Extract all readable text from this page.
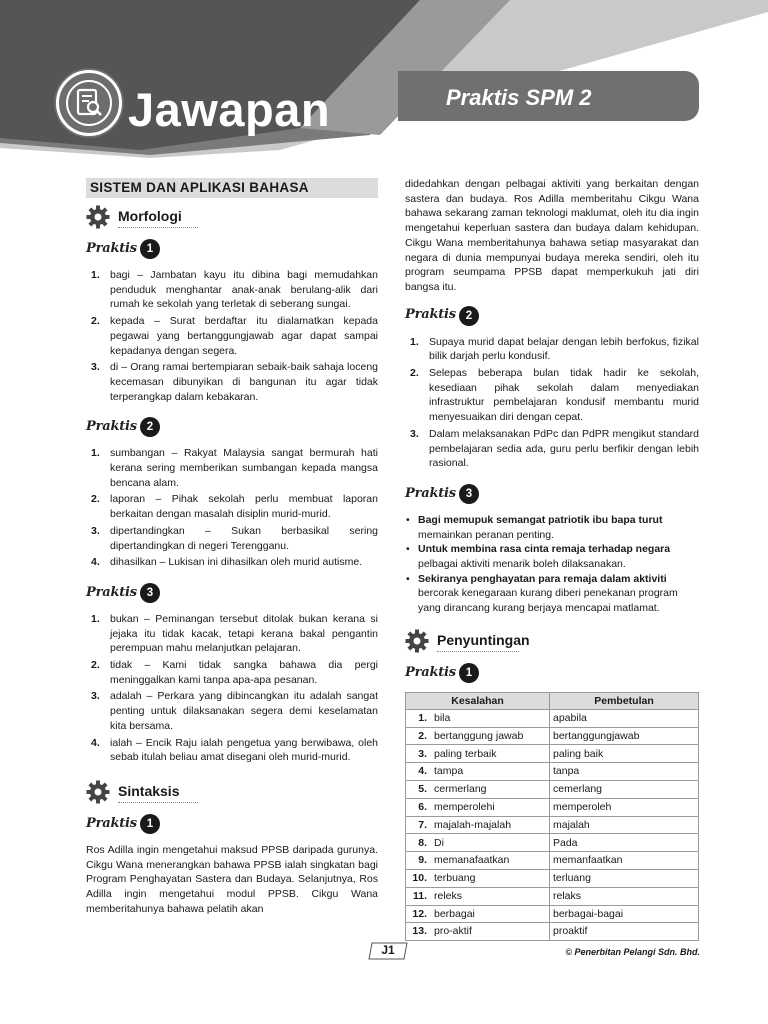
Jawapan	Praktis SPM 2
SISTEM DAN APLIKASI BAHASA
Morfologi
Praktis 1
1. bagi – Jambatan kayu itu dibina bagi memudahkan penduduk menghantar anak-anak berulang-alik dari rumah ke sekolah yang terletak di seberang sungai.
2. kepada – Surat berdaftar itu dialamatkan kepada pegawai yang bertanggungjawab agar dapat sampai kepadanya dengan segera.
3. di – Orang ramai bertempiaran sebaik-baik sahaja loceng kecemasan dibunyikan di bangunan itu agar tidak terperangkap dalam kebakaran.
Praktis 2
1. sumbangan – Rakyat Malaysia sangat bermurah hati kerana sering memberikan sumbangan kepada mangsa bencana alam.
2. laporan – Pihak sekolah perlu membuat laporan berkaitan dengan masalah disiplin murid-murid.
3. dipertandingkan – Sukan berbasikal sering dipertandingkan di negeri Terengganu.
4. dihasilkan – Lukisan ini dihasilkan oleh murid autisme.
Praktis 3
1. bukan – Peminangan tersebut ditolak bukan kerana si jejaka itu tidak kacak, tetapi kerana bakal pengantin perempuan mahu melanjutkan pelajaran.
2. tidak – Kami tidak sangka bahawa dia pergi meninggalkan kami tanpa apa-apa pesanan.
3. adalah – Perkara yang dibincangkan itu adalah sangat penting untuk dilaksanakan segera demi keselamatan kita bersama.
4. ialah – Encik Raju ialah pengetua yang berwibawa, oleh sebab itulah beliau amat disegani oleh murid-murid.
Sintaksis
Praktis 1

Ros Adilla ingin mengetahui maksud PPSB daripada gurunya. Cikgu Wana menerangkan bahawa PPSB ialah singkatan bagi Program Penghayatan Sastera dan Budaya. Selanjutnya, Ros Adilla ingin mengetahui modul PPSB. Cikgu Wana memberitahunya bahawa pelatih akan

didedahkan dengan pelbagai aktiviti yang berkaitan dengan sastera dan budaya. Ros Adilla memberitahu Cikgu Wana bahawa sekarang zaman teknologi maklumat, oleh itu dia ingin mengetahui keperluan sastera dan budaya dalam kehidupan. Cikgu Wana memberitahunya bahawa setiap masyarakat dan negara di dunia mempunyai budaya mereka sendiri, oleh itu program seumpama PPSB dapat memperkukuh jati diri bangsa itu.

Praktis 2
1. Supaya murid dapat belajar dengan lebih berfokus, fizikal bilik darjah perlu kondusif.
2. Selepas beberapa bulan tidak hadir ke sekolah, kesediaan pihak sekolah dalam menyediakan infrastruktur pembelajaran kondusif membantu murid menyesuaikan diri dengan cepat.
3. Dalam melaksanakan PdPc dan PdPR mengikut standard pembelajaran sedia ada, guru perlu berfikir dengan lebih rasional.
Praktis 3
• Bagi memupuk semangat patriotik ibu bapa turut memainkan peranan penting.
• Untuk membina rasa cinta remaja terhadap negara pelbagai aktiviti menarik boleh dilaksanakan.
• Sekiranya penghayatan para remaja dalam aktiviti bercorak kenegaraan kurang diberi penekanan program yang dirancang kurang berjaya mencapai matlamat.
Penyuntingan
Praktis 1
Kesalahan		Pembetulan
1.	bila	apabila
2.	bertanggung jawab	bertanggungjawab
3.	paling terbaik	paling baik
4.	tampa	tanpa
5.	cermerlang	cemerlang
6.	memperolehi	memperoleh
7.	majalah-majalah	majalah
8.	Di	Pada
9.	memanafaatkan	memanfaatkan
10.	terbuang	terluang
11.	releks	relaks
12.	berbagai	berbagai-bagai
13.	pro-aktif	proaktif
J1	© Penerbitan Pelangi Sdn. Bhd.
